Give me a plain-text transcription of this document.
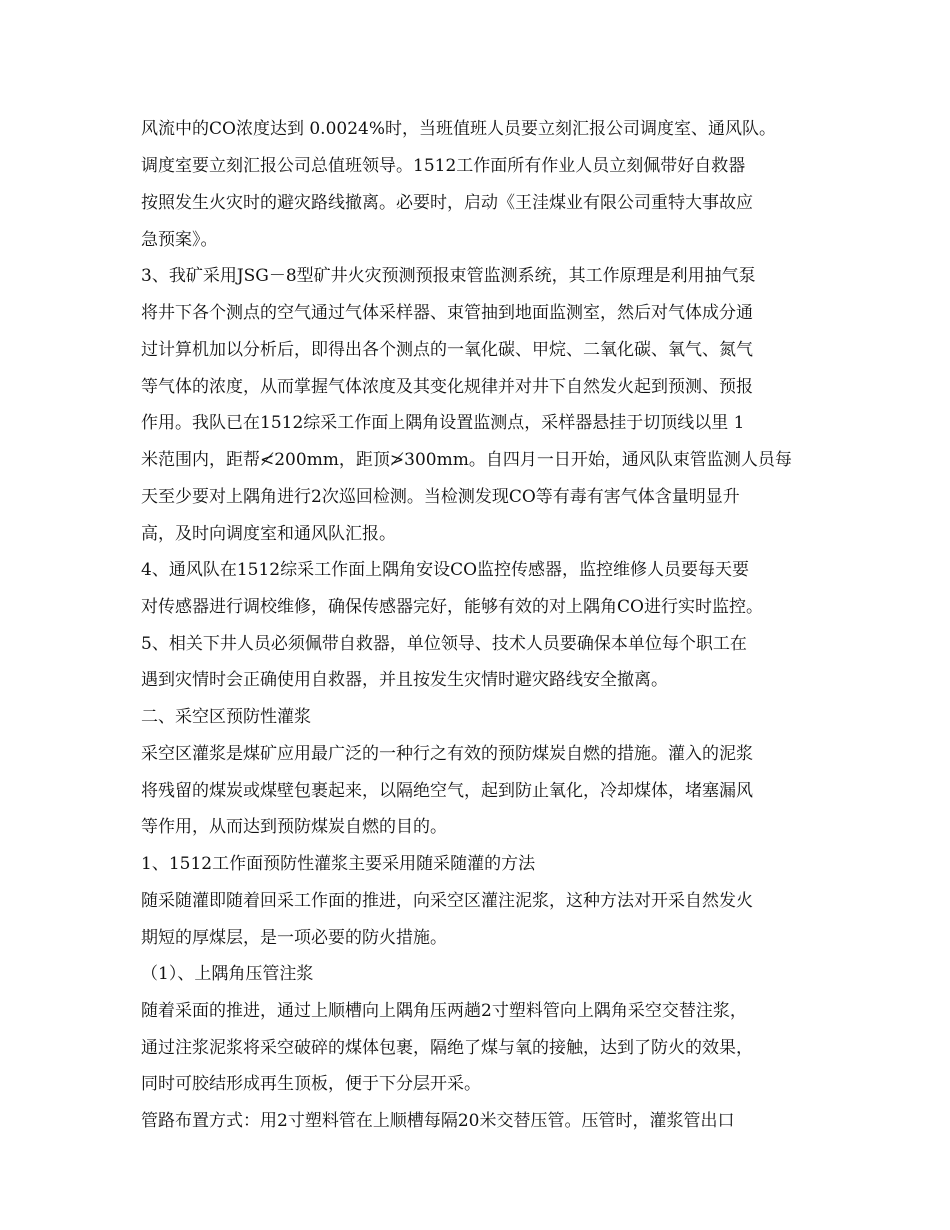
风流中的CO浓度达到 0.0024%时，当班值班人员要立刻汇报公司调度室、通风队。
调度室要立刻汇报公司总值班领导。1512工作面所有作业人员立刻佩带好自救器
按照发生火灾时的避灾路线撤离。必要时，启动《王洼煤业有限公司重特大事故应
急预案》。
3、我矿采用JSG－8型矿井火灾预测预报束管监测系统，其工作原理是利用抽气泵
将井下各个测点的空气通过气体采样器、束管抽到地面监测室，然后对气体成分通
过计算机加以分析后，即得出各个测点的一氧化碳、甲烷、二氧化碳、氧气、氮气
等气体的浓度，从而掌握气体浓度及其变化规律并对井下自然发火起到预测、预报
作用。我队已在1512综采工作面上隅角设置监测点，采样器悬挂于切顶线以里 1
米范围内，距帮≮200mm，距顶≯300mm。自四月一日开始，通风队束管监测人员每
天至少要对上隅角进行2次巡回检测。当检测发现CO等有毒有害气体含量明显升
高，及时向调度室和通风队汇报。
4、通风队在1512综采工作面上隅角安设CO监控传感器，监控维修人员要每天要
对传感器进行调校维修，确保传感器完好，能够有效的对上隅角CO进行实时监控。
5、相关下井人员必须佩带自救器，单位领导、技术人员要确保本单位每个职工在
遇到灾情时会正确使用自救器，并且按发生灾情时避灾路线安全撤离。
二、采空区预防性灌浆
采空区灌浆是煤矿应用最广泛的一种行之有效的预防煤炭自燃的措施。灌入的泥浆
将残留的煤炭或煤壁包裹起来，以隔绝空气，起到防止氧化，冷却煤体，堵塞漏风
等作用，从而达到预防煤炭自燃的目的。
1、1512工作面预防性灌浆主要采用随采随灌的方法
随采随灌即随着回采工作面的推进，向采空区灌注泥浆，这种方法对开采自然发火
期短的厚煤层，是一项必要的防火措施。
（1）、上隅角压管注浆
随着采面的推进，通过上顺槽向上隅角压两趟2寸塑料管向上隅角采空交替注浆，
通过注浆泥浆将采空破碎的煤体包裹，隔绝了煤与氧的接触，达到了防火的效果，
同时可胶结形成再生顶板，便于下分层开采。
管路布置方式：用2寸塑料管在上顺槽每隔20米交替压管。压管时，灌浆管出口
